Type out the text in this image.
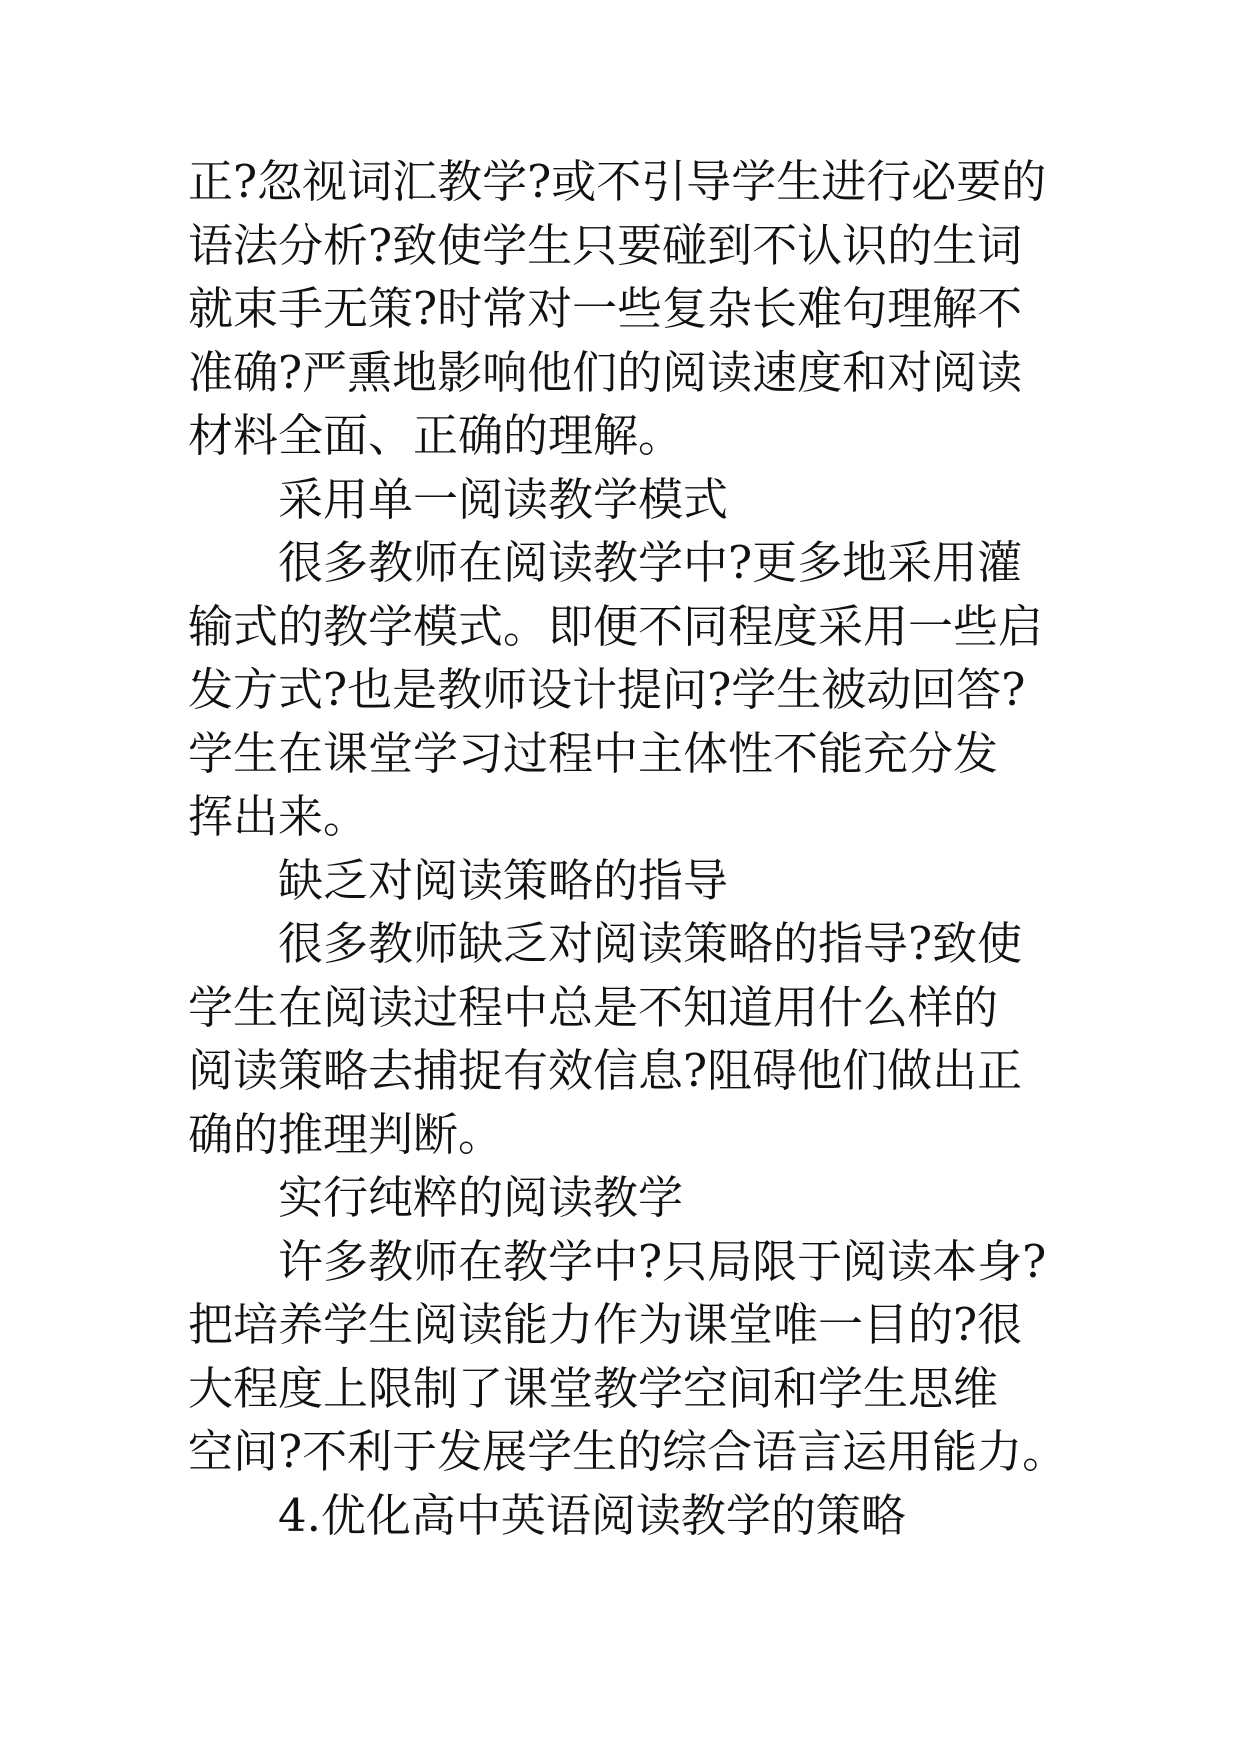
正?忽视词汇教学?或不引导学生进行必要的
语法分析?致使学生只要碰到不认识的生词
就束手无策?时常对一些复杂长难句理解不
准确?严熏地影响他们的阅读速度和对阅读
材料全面、正确的理解。
采用单一阅读教学模式
很多教师在阅读教学中?更多地采用灌
输式的教学模式。即便不同程度采用一些启
发方式?也是教师设计提问?学生被动回答?
学生在课堂学习过程中主体性不能充分发
挥出来。
缺乏对阅读策略的指导
很多教师缺乏对阅读策略的指导?致使
学生在阅读过程中总是不知道用什么样的
阅读策略去捕捉有效信息?阻碍他们做出正
确的推理判断。
实行纯粹的阅读教学
许多教师在教学中?只局限于阅读本身?
把培养学生阅读能力作为课堂唯一目的?很
大程度上限制了课堂教学空间和学生思维
空间?不利于发展学生的综合语言运用能力。
4.优化高中英语阅读教学的策略
